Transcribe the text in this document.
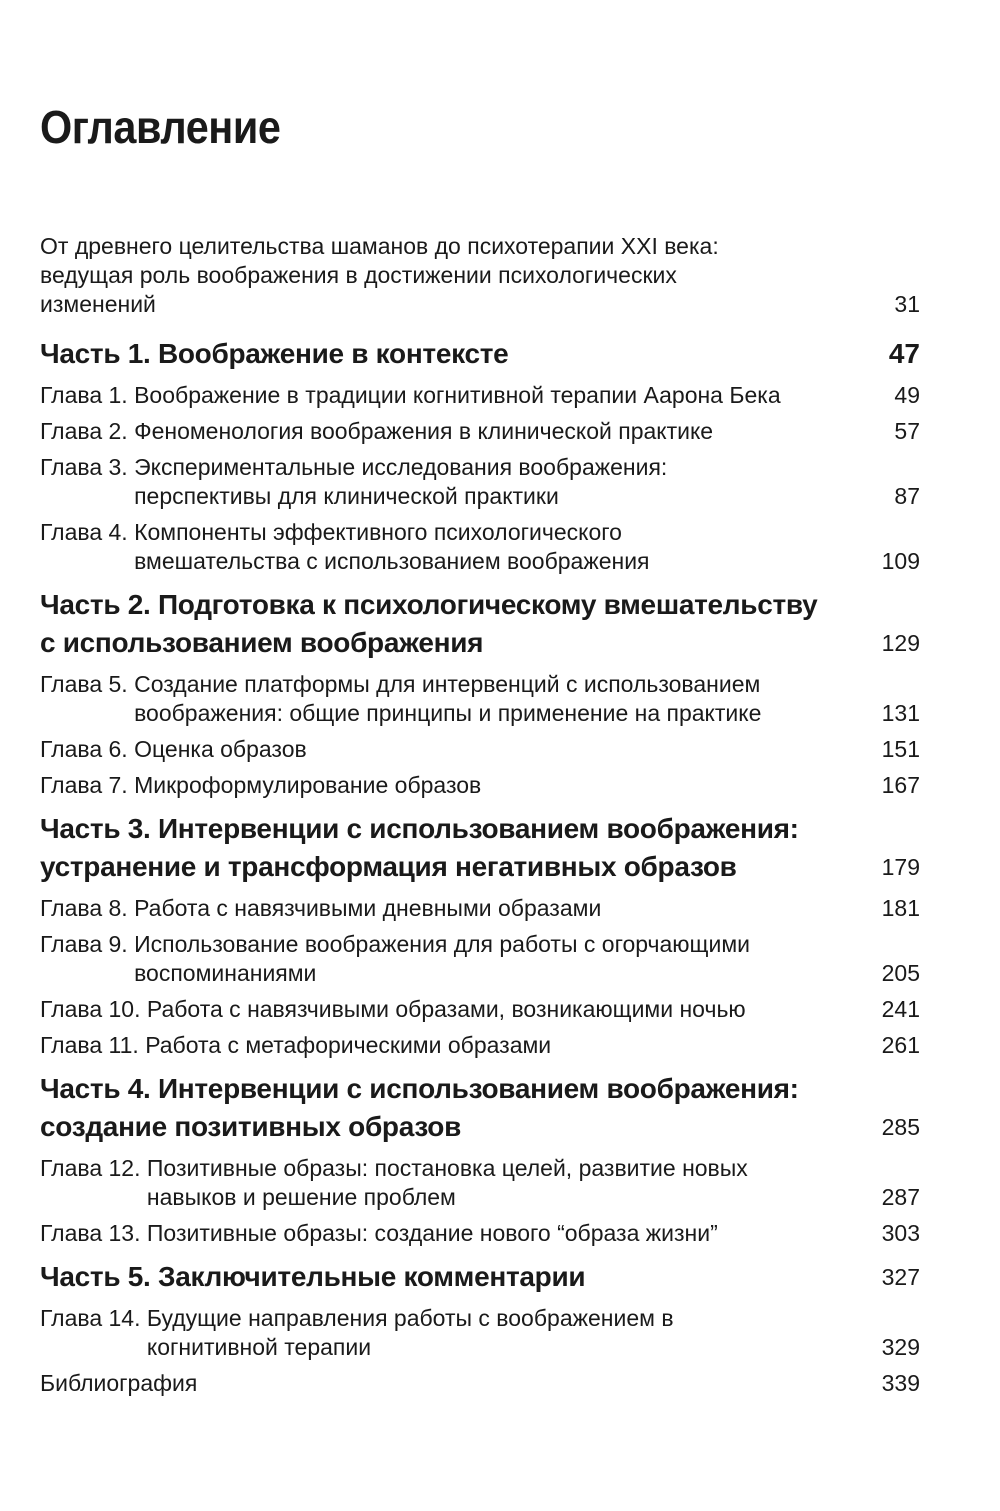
Оглавление
От древнего целительства шаманов до психотерапии XXI века: ведущая роль воображения в достижении психологических изменений	31
Часть 1. Воображение в контексте	47
Глава 1. Воображение в традиции когнитивной терапии Аарона Бека	49
Глава 2. Феноменология воображения в клинической практике	57
Глава 3. Экспериментальные исследования воображения: перспективы для клинической практики	87
Глава 4. Компоненты эффективного психологического вмешательства с использованием воображения	109
Часть 2. Подготовка к психологическому вмешательству с использованием воображения	129
Глава 5. Создание платформы для интервенций с использованием воображения: общие принципы и применение на практике	131
Глава 6. Оценка образов	151
Глава 7. Микроформулирование образов	167
Часть 3. Интервенции с использованием воображения: устранение и трансформация негативных образов	179
Глава 8. Работа с навязчивыми дневными образами	181
Глава 9. Использование воображения для работы с огорчающими воспоминаниями	205
Глава 10. Работа с навязчивыми образами, возникающими ночью	241
Глава 11. Работа с метафорическими образами	261
Часть 4. Интервенции с использованием воображения: создание позитивных образов	285
Глава 12. Позитивные образы: постановка целей, развитие новых навыков и решение проблем	287
Глава 13. Позитивные образы: создание нового “образа жизни”	303
Часть 5. Заключительные комментарии	327
Глава 14. Будущие направления работы с воображением в когнитивной терапии	329
Библиография	339
